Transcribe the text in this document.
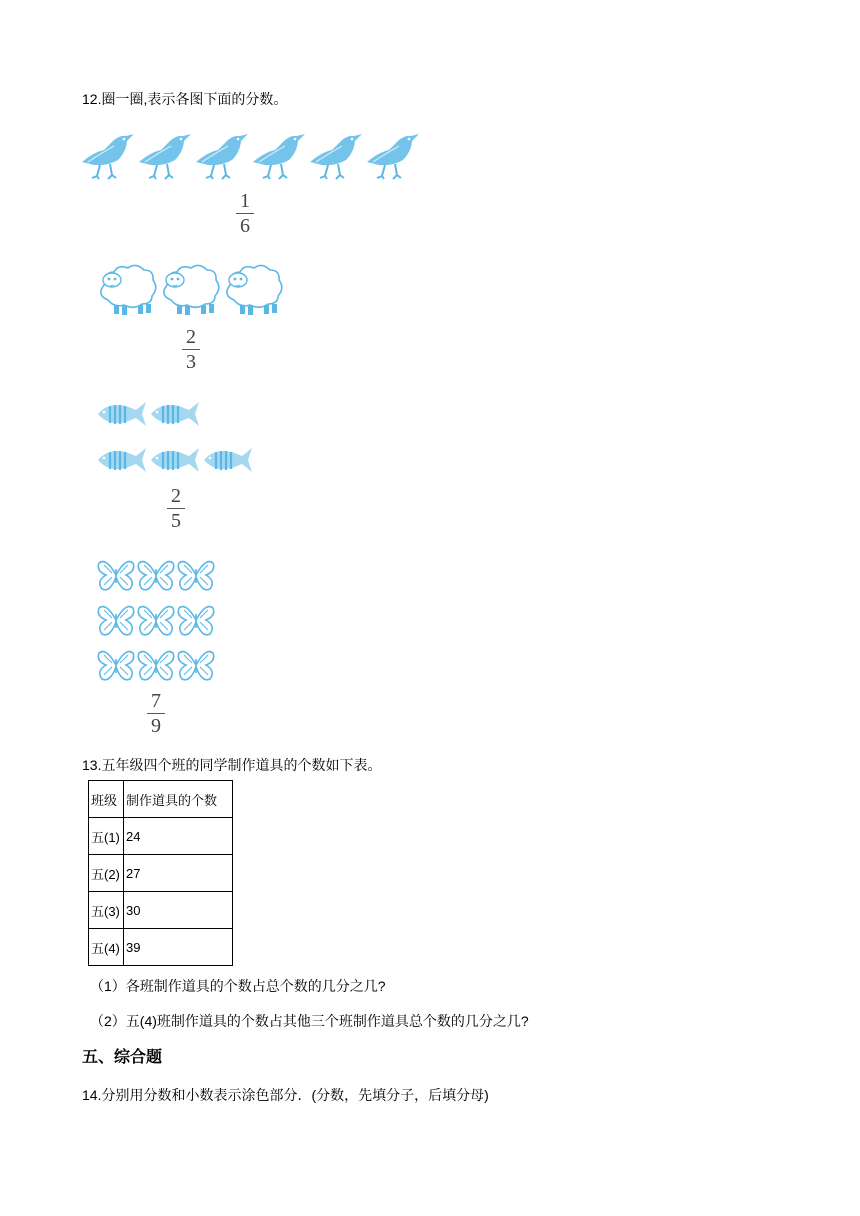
12.圈一圈,表示各图下面的分数。
1
6
2
3
2
5
7
9
13.五年级四个班的同学制作道具的个数如下表。
班级	制作道具的个数
五(1)	24
五(2)	27
五(3)	30
五(4)	39
（1）各班制作道具的个数占总个数的几分之几?
（2）五(4)班制作道具的个数占其他三个班制作道具总个数的几分之几?
五、综合题
14.分别用分数和小数表示涂色部分．(分数，先填分子，后填分母)
